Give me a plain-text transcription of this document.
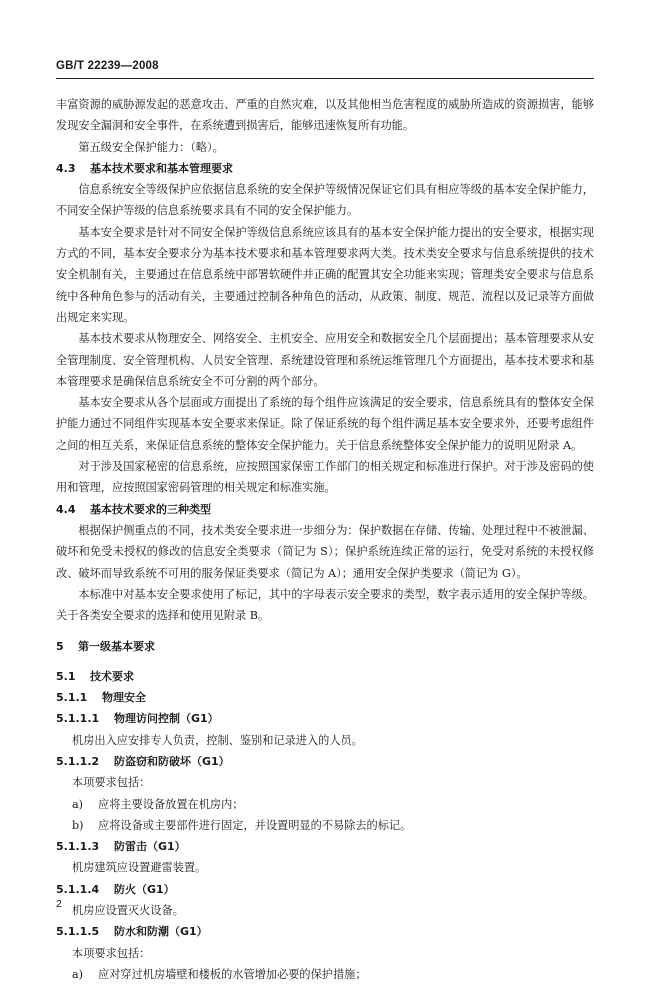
GB/T 22239—2008

丰富资源的威胁源发起的恶意攻击、严重的自然灾难，以及其他相当危害程度的威胁所造成的资源损害，能够发现安全漏洞和安全事件，在系统遭到损害后，能够迅速恢复所有功能。

第五级安全保护能力：（略）。

4.3 基本技术要求和基本管理要求

信息系统安全等级保护应依据信息系统的安全保护等级情况保证它们具有相应等级的基本安全保护能力，不同安全保护等级的信息系统要求具有不同的安全保护能力。

基本安全要求是针对不同安全保护等级信息系统应该具有的基本安全保护能力提出的安全要求，根据实现方式的不同，基本安全要求分为基本技术要求和基本管理要求两大类。技术类安全要求与信息系统提供的技术安全机制有关，主要通过在信息系统中部署软硬件并正确的配置其安全功能来实现；管理类安全要求与信息系统中各种角色参与的活动有关，主要通过控制各种角色的活动，从政策、制度、规范、流程以及记录等方面做出规定来实现。

基本技术要求从物理安全、网络安全、主机安全、应用安全和数据安全几个层面提出；基本管理要求从安全管理制度、安全管理机构、人员安全管理、系统建设管理和系统运维管理几个方面提出，基本技术要求和基本管理要求是确保信息系统安全不可分割的两个部分。

基本安全要求从各个层面或方面提出了系统的每个组件应该满足的安全要求，信息系统具有的整体安全保护能力通过不同组件实现基本安全要求来保证。除了保证系统的每个组件满足基本安全要求外，还要考虑组件之间的相互关系，来保证信息系统的整体安全保护能力。关于信息系统整体安全保护能力的说明见附录 A。

对于涉及国家秘密的信息系统，应按照国家保密工作部门的相关规定和标准进行保护。对于涉及密码的使用和管理，应按照国家密码管理的相关规定和标准实施。

4.4 基本技术要求的三种类型

根据保护侧重点的不同，技术类安全要求进一步细分为：保护数据在存储、传输、处理过程中不被泄漏、破坏和免受未授权的修改的信息安全类要求（简记为 S）；保护系统连续正常的运行，免受对系统的未授权修改、破坏而导致系统不可用的服务保证类要求（简记为 A）；通用安全保护类要求（简记为 G）。

本标准中对基本安全要求使用了标记，其中的字母表示安全要求的类型，数字表示适用的安全保护等级。关于各类安全要求的选择和使用见附录 B。

5 第一级基本要求

5.1 技术要求

5.1.1 物理安全

5.1.1.1 物理访问控制（G1）

机房出入应安排专人负责，控制、鉴别和记录进入的人员。

5.1.1.2 防盗窃和防破坏（G1）

本项要求包括：

a) 应将主要设备放置在机房内；

b) 应将设备或主要部件进行固定，并设置明显的不易除去的标记。

5.1.1.3 防雷击（G1）

机房建筑应设置避雷装置。

5.1.1.4 防火（G1）

机房应设置灭火设备。

5.1.1.5 防水和防潮（G1）

本项要求包括：

a) 应对穿过机房墙壁和楼板的水管增加必要的保护措施；

2
